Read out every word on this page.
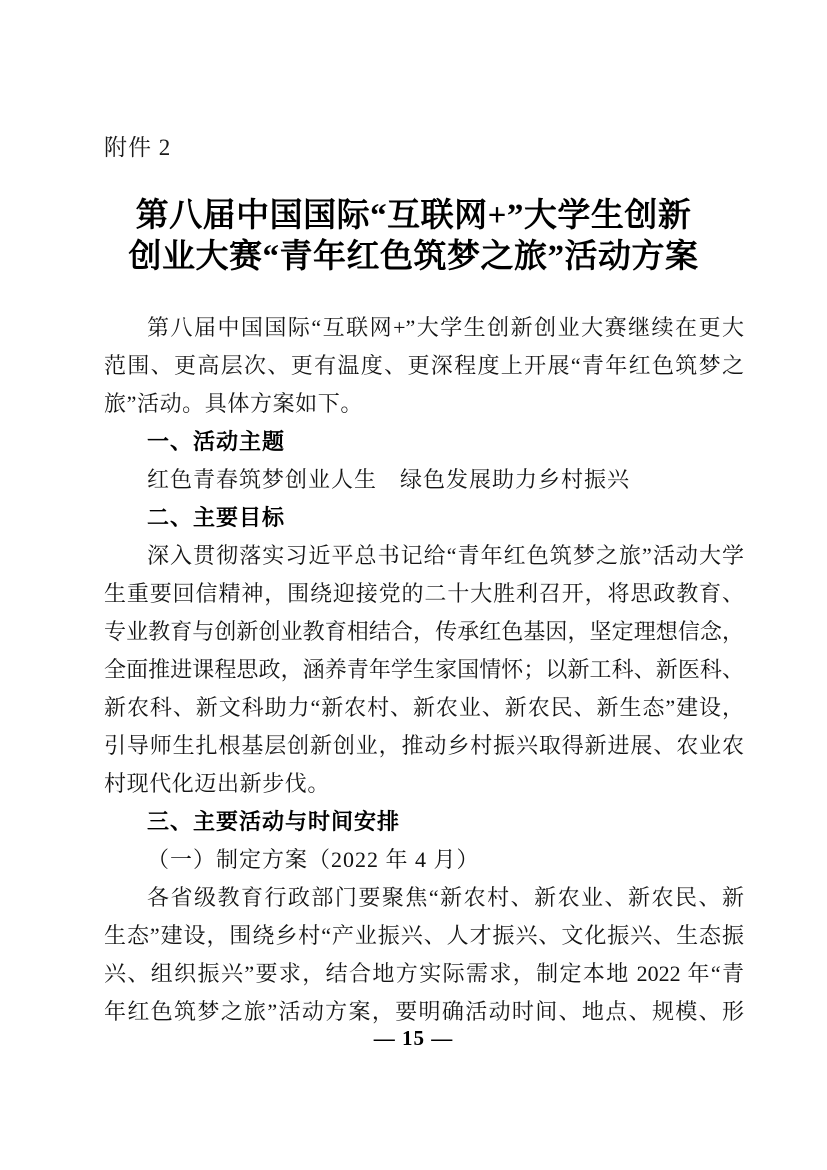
附件 2
第八届中国国际“互联网+”大学生创新
创业大赛“青年红色筑梦之旅”活动方案
第八届中国国际“互联网+”大学生创新创业大赛继续在更大
范围、更高层次、更有温度、更深程度上开展“青年红色筑梦之
旅”活动。具体方案如下。
一、活动主题
红色青春筑梦创业人生　绿色发展助力乡村振兴
二、主要目标
深入贯彻落实习近平总书记给“青年红色筑梦之旅”活动大学
生重要回信精神，围绕迎接党的二十大胜利召开，将思政教育、
专业教育与创新创业教育相结合，传承红色基因，坚定理想信念，
全面推进课程思政，涵养青年学生家国情怀；以新工科、新医科、
新农科、新文科助力“新农村、新农业、新农民、新生态”建设，
引导师生扎根基层创新创业，推动乡村振兴取得新进展、农业农
村现代化迈出新步伐。
三、主要活动与时间安排
（一）制定方案（2022 年 4 月）
各省级教育行政部门要聚焦“新农村、新农业、新农民、新
生态”建设，围绕乡村“产业振兴、人才振兴、文化振兴、生态振
兴、组织振兴”要求，结合地方实际需求，制定本地 2022 年“青
年红色筑梦之旅”活动方案，要明确活动时间、地点、规模、形
— 15 —
